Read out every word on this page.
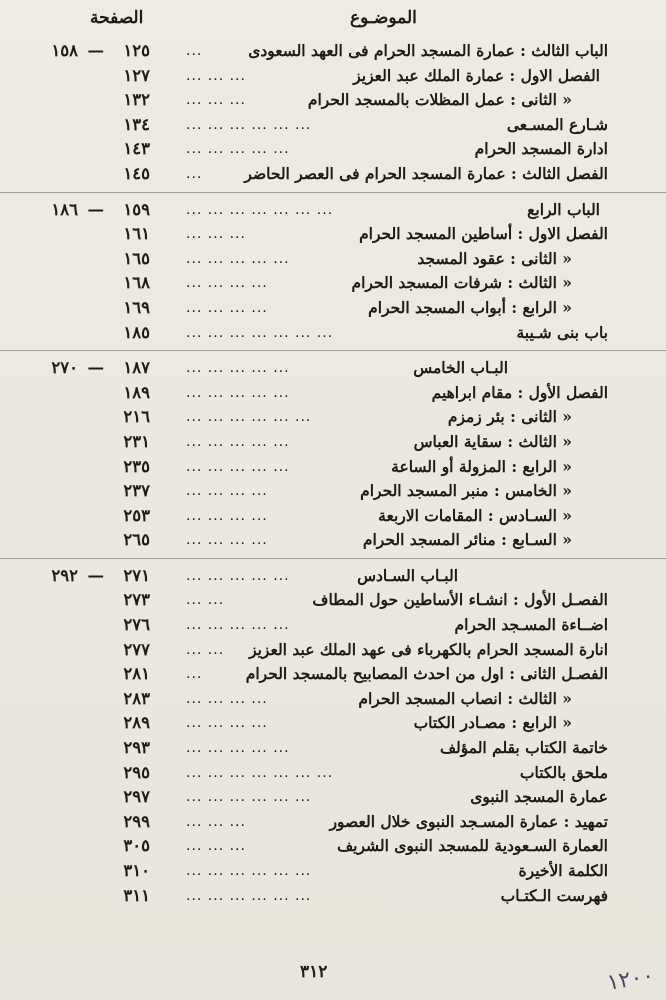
الموضـوع
الصفحة
الباب الثالث : عمارة المسجد الحرام فى العهد السعودى
...
١٢٥
—
١٥٨
الفصل الاول : عمارة الملك عبد العزيز
... ... ...
١٢٧
« الثانى : عمل المظلات بالمسجد الحرام
... ... ...
١٣٢
شـارع المسـعى
... ... ... ... ... ...
١٣٤
ادارة المسجد الحرام
... ... ... ... ...
١٤٣
الفصل الثالث : عمارة المسجد الحرام فى العصر الحاضر
...
١٤٥
الباب الرابع
... ... ... ... ... ... ...
١٥٩
—
١٨٦
الفصل الاول : أساطين المسجد الحرام
... ... ...
١٦١
« الثانى : عقود المسجد
... ... ... ... ...
١٦٥
« الثالث : شرفات المسجد الحرام
... ... ... ...
١٦٨
« الرابع : أبواب المسجد الحرام
... ... ... ...
١٦٩
باب بنى شـيبة
... ... ... ... ... ... ...
١٨٥
البـاب الخامس
... ... ... ... ...
١٨٧
—
٢٧٠
الفصل الأول : مقام ابراهيم
... ... ... ... ...
١٨٩
« الثانى : بئر زمزم
... ... ... ... ... ...
٢١٦
« الثالث : سقاية العباس
... ... ... ... ...
٢٣١
« الرابع : المزولة أو الساعة
... ... ... ... ...
٢٣٥
« الخامس : منبر المسجد الحرام
... ... ... ...
٢٣٧
« السـادس : المقامات الاربعة
... ... ... ...
٢٥٣
« السـابع : منائر المسجد الحرام
... ... ... ...
٢٦٥
البـاب السـادس
... ... ... ... ...
٢٧١
—
٢٩٢
الفصـل الأول : انشـاء الأساطين حول المطاف
... ...
٢٧٣
اضــاءة المسـجد الحرام
... ... ... ... ...
٢٧٦
انارة المسجد الحرام بالكهرباء فى عهد الملك عبد العزيز
... ...
٢٧٧
الفصـل الثانى : اول من احدث المصابيح بالمسجد الحرام
...
٢٨١
« الثالث : انصاب المسجد الحرام
... ... ... ...
٢٨٣
« الرابع : مصـادر الكتاب
... ... ... ...
٢٨٩
خاتمة الكتاب بقلم المؤلف
... ... ... ... ...
٢٩٣
ملحق بالكتاب
... ... ... ... ... ... ...
٢٩٥
عمارة المسجد النبوى
... ... ... ... ... ...
٢٩٧
تمهيد : عمارة المسـجد النبوى خلال العصور
... ... ...
٢٩٩
العمارة السـعودية للمسجد النبوى الشريف
... ... ...
٣٠٥
الكلمة الأخيرة
... ... ... ... ... ...
٣١٠
فهرست الـكتـاب
... ... ... ... ... ...
٣١١
٣١٢	١٢٠٠
